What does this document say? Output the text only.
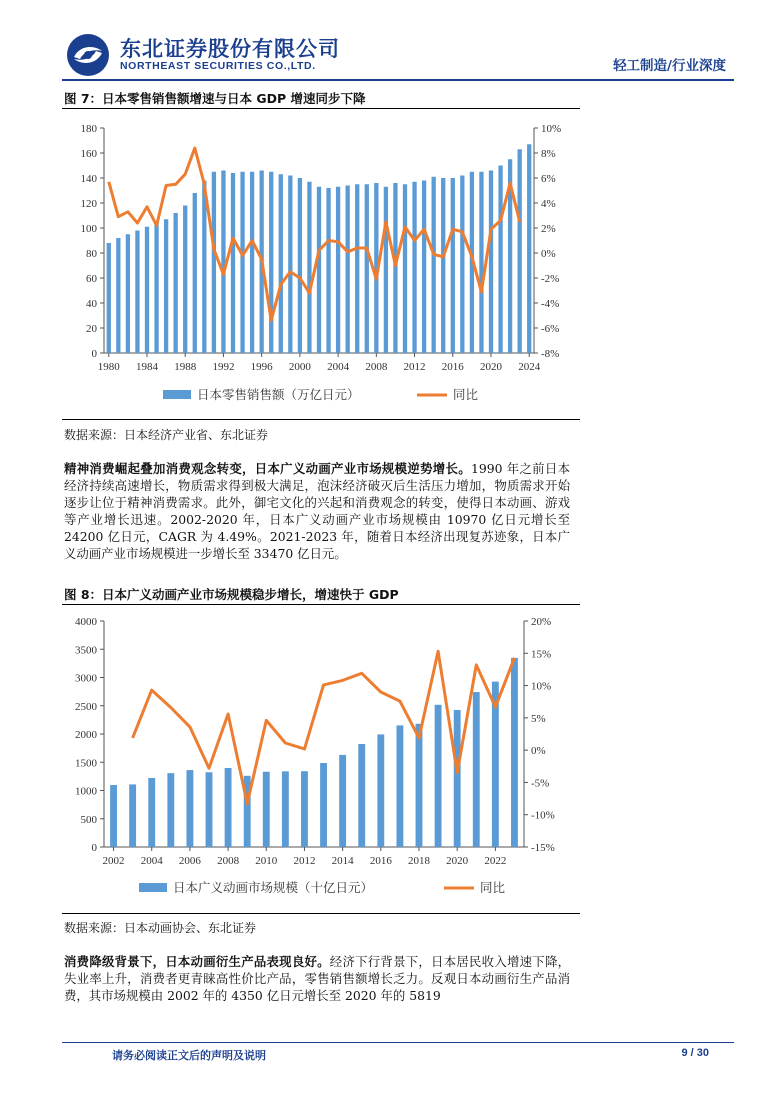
东北证券股份有限公司
NORTHEAST SECURITIES CO.,LTD.	轻工制造/行业深度
图 7：日本零售销售额增速与日本 GDP 增速同步下降
0
20
40
60
80
100
120
140
160
180
-8%
-6%
-4%
-2%
0%
2%
4%
6%
8%
10%
1980 1984 1988 1992 1996 2000 2004 2008 2012 2016 2020 2024
日本零售销售额（万亿日元）	同比
数据来源：日本经济产业省、东北证券
精神消费崛起叠加消费观念转变，日本广义动画产业市场规模逆势增长。1990 年之前日本经济持续高速增长，物质需求得到极大满足，泡沫经济破灭后生活压力增加，物质需求开始逐步让位于精神消费需求。此外，御宅文化的兴起和消费观念的转变，使得日本动画、游戏等产业增长迅速。2002-2020 年，日本广义动画产业市场规模由 10970 亿日元增长至 24200 亿日元，CAGR 为 4.49%。2021-2023 年，随着日本经济出现复苏迹象，日本广义动画产业市场规模进一步增长至 33470 亿日元。
图 8：日本广义动画产业市场规模稳步增长，增速快于 GDP
0
500
1000
1500
2000
2500
3000
3500
4000
-15%
-10%
-5%
0%
5%
10%
15%
20%
2002 2004 2006 2008 2010 2012 2014 2016 2018 2020 2022
日本广义动画市场规模（十亿日元）	同比
数据来源：日本动画协会、东北证券
消费降级背景下，日本动画衍生产品表现良好。经济下行背景下，日本居民收入增速下降，失业率上升，消费者更青睐高性价比产品，零售销售额增长乏力。反观日本动画衍生产品消费，其市场规模由 2002 年的 4350 亿日元增长至 2020 年的 5819
请务必阅读正文后的声明及说明	9 / 30
